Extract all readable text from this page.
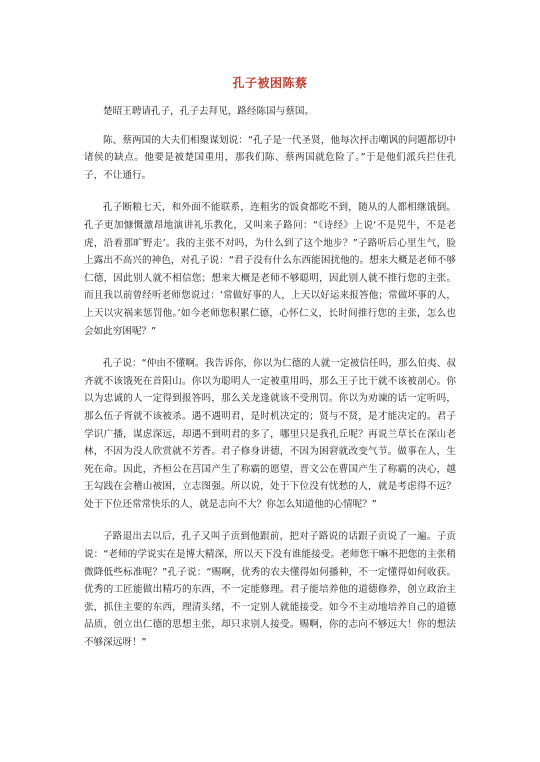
孔子被困陈蔡

楚昭王聘请孔子，孔子去拜见，路经陈国与蔡国。

陈、蔡两国的大夫们相聚谋划说：“孔子是一代圣贤，他每次抨击嘲讽的问题都切中诸侯的缺点。他要是被楚国重用，那我们陈、蔡两国就危险了。”于是他们派兵拦住孔子，不让通行。

孔子断粮七天，和外面不能联系，连粗劣的饭食都吃不到，随从的人都相继饿倒。孔子更加慷慨激昂地演讲礼乐教化，又叫来子路问：“《诗经》上说‘不是兕牛，不是老虎，沿着那旷野走’。我的主张不对吗，为什么到了这个地步？”子路听后心里生气，脸上露出不高兴的神色，对孔子说：“君子没有什么东西能困扰他的。想来大概是老师不够仁德，因此别人就不相信您；想来大概是老师不够聪明，因此别人就不推行您的主张。而且我以前曾经听老师您说过：‘常做好事的人，上天以好运来报答他；常做坏事的人，上天以灾祸来惩罚他。’如今老师您积累仁德，心怀仁义，长时间推行您的主张，怎么也会如此穷困呢？”

孔子说：“仲由不懂啊。我告诉你，你以为仁德的人就一定被信任吗，那么伯夷、叔齐就不该饿死在首阳山。你以为聪明人一定被重用吗，那么王子比干就不该被剖心。你以为忠诚的人一定得到报答吗，那么关龙逢就该不受刑罚。你以为劝谏的话一定听吗，那么伍子胥就不该被杀。遇不遇明君，是时机决定的；贤与不贤，是才能决定的。君子学识广播，谋虑深远，却遇不到明君的多了，哪里只是我孔丘呢？再说兰草长在深山老林，不因为没人欣赏就不芳香。君子修身讲德，不因为困窘就改变气节。做事在人，生死在命。因此，齐桓公在莒国产生了称霸的愿望，晋文公在曹国产生了称霸的决心，越王勾践在会稽山被困，立志图强。所以说，处于下位没有忧愁的人，就是考虑得不远？处于下位还常常快乐的人，就是志向不大？你怎么知道他的心情呢？”

子路退出去以后，孔子又叫子贡到他跟前，把对子路说的话跟子贡说了一遍。子贡说：“老师的学说实在是博大精深，所以天下没有谁能接受。老师您干嘛不把您的主张稍微降低些标准呢？”孔子说：“赐啊，优秀的农夫懂得如何播种，不一定懂得如何收获。优秀的工匠能做出精巧的东西，不一定能修理。君子能培养他的道德修养，创立政治主张，抓住主要的东西，理清头绪，不一定别人就能接受。如今不主动地培养自己的道德品质，创立出仁德的思想主张，却只求别人接受。赐啊，你的志向不够远大！你的想法不够深远呀！”
